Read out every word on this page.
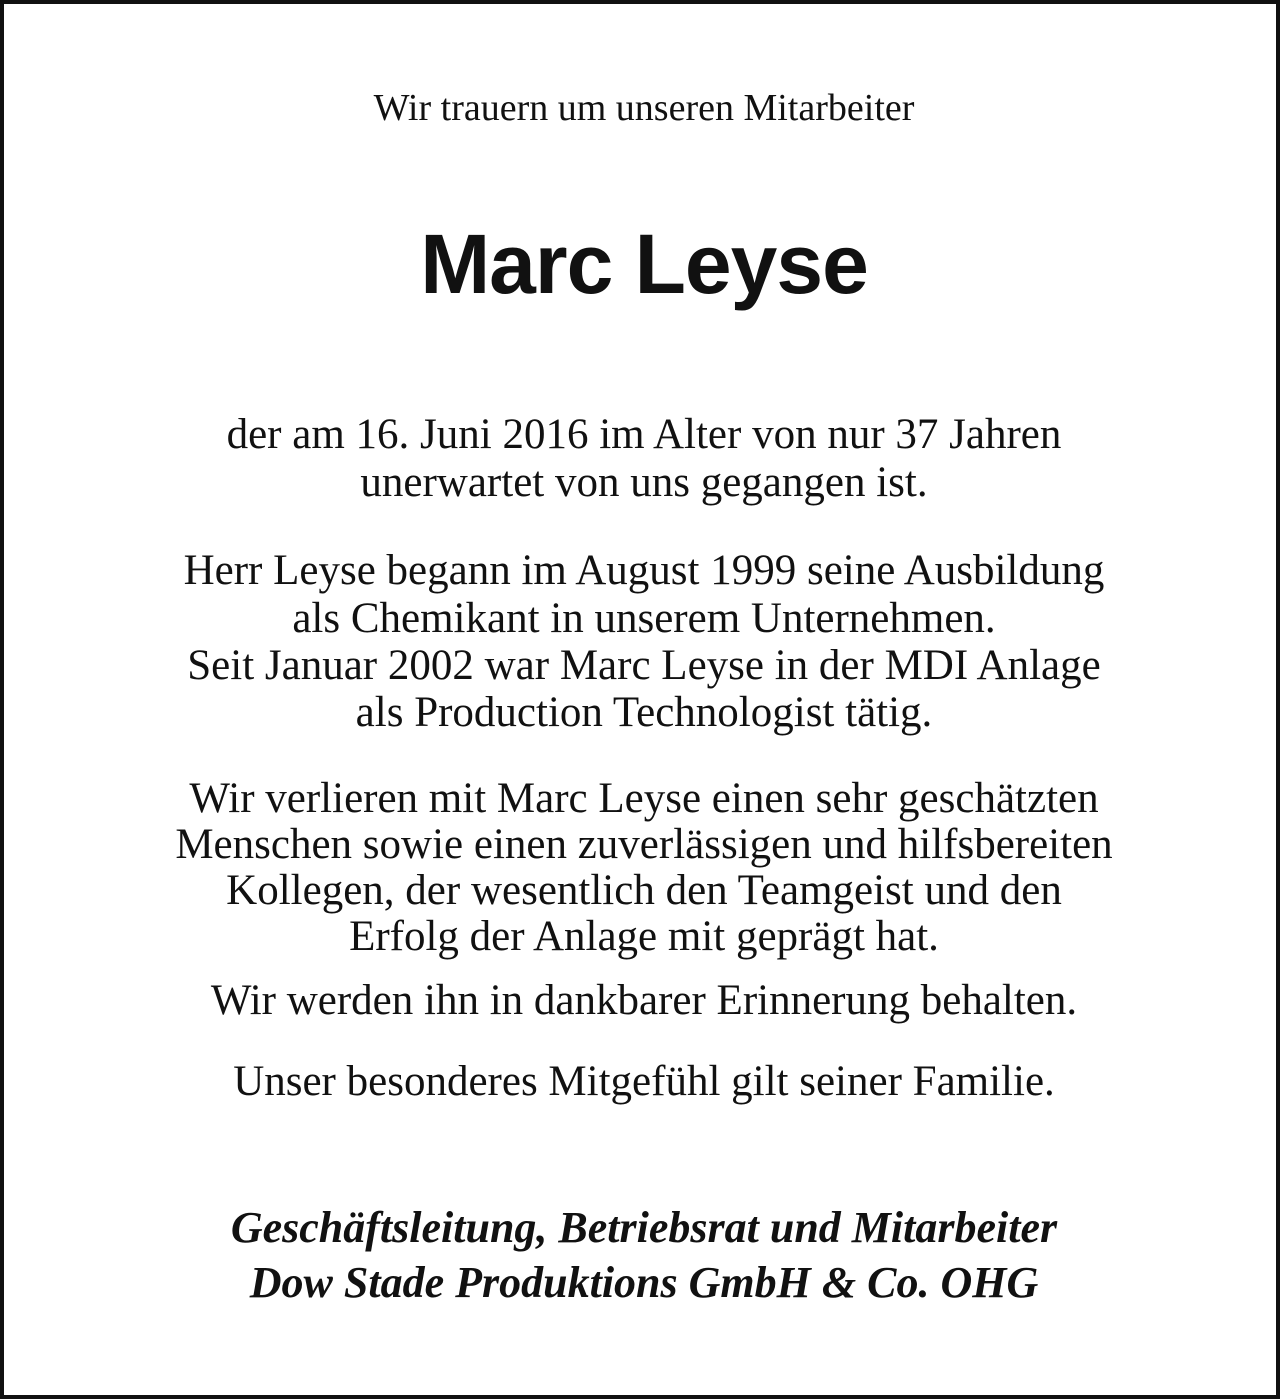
Wir trauern um unseren Mitarbeiter
Marc Leyse
der am 16. Juni 2016 im Alter von nur 37 Jahren
unerwartet von uns gegangen ist.
Herr Leyse begann im August 1999 seine Ausbildung
als Chemikant in unserem Unternehmen.
Seit Januar 2002 war Marc Leyse in der MDI Anlage
als Production Technologist tätig.
Wir verlieren mit Marc Leyse einen sehr geschätzten
Menschen sowie einen zuverlässigen und hilfsbereiten
Kollegen, der wesentlich den Teamgeist und den
Erfolg der Anlage mit geprägt hat.
Wir werden ihn in dankbarer Erinnerung behalten.
Unser besonderes Mitgefühl gilt seiner Familie.
Geschäftsleitung, Betriebsrat und Mitarbeiter
Dow Stade Produktions GmbH & Co. OHG
